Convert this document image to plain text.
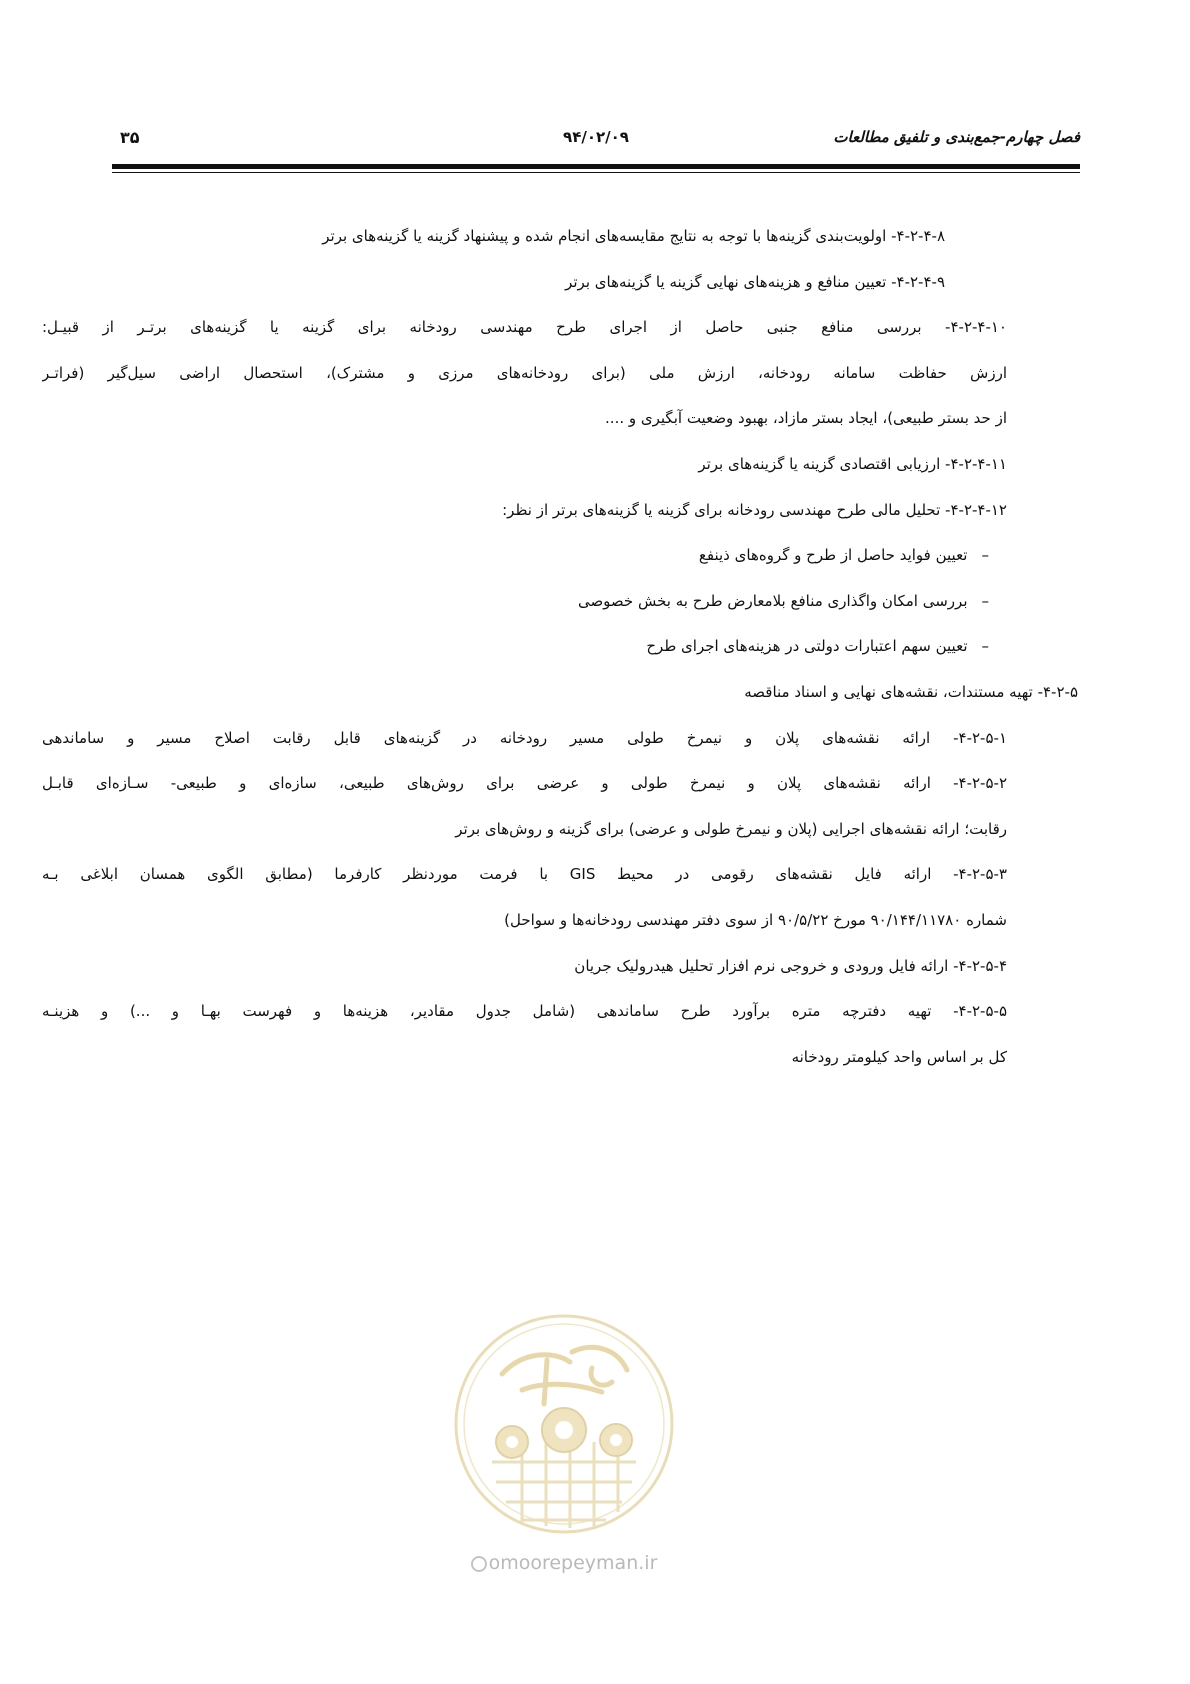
فصل چهارم-جمع‌بندی و تلفیق مطالعات
۹۴/۰۲/۰۹
۳۵
۴-۲-۴-۸- اولویت‌بندی گزینه‌ها با توجه به نتایج مقایسه‌های انجام شده و پیشنهاد گزینه یا گزینه‌های برتر
۴-۲-۴-۹- تعیین منافع و هزینه‌های نهایی گزینه یا گزینه‌های برتر
۴-۲-۴-۱۰- بررسی منافع جنبی حاصل از اجرای طرح مهندسی رودخانه برای گزینه یا گزینه‌های برتـر از قبیـل:
ارزش حفاظت سامانه رودخانه، ارزش ملی (برای رودخانه‌های مرزی و مشترک)، استحصال اراضی سیل‌گیر (فراتـر
از حد بستر طبیعی)، ایجاد بستر مازاد، بهبود وضعیت آبگیری و ....
۴-۲-۴-۱۱- ارزیابی اقتصادی گزینه یا گزینه‌های برتر
۴-۲-۴-۱۲- تحلیل مالی طرح مهندسی رودخانه برای گزینه یا گزینه‌های برتر از نظر:
–تعیین فواید حاصل از طرح و گروه‌های ذینفع
–بررسی امکان واگذاری منافع بلامعارض طرح به بخش خصوصی
–تعیین سهم اعتبارات دولتی در هزینه‌های اجرای طرح
۴-۲-۵- تهیه مستندات، نقشه‌های نهایی و اسناد مناقصه
۴-۲-۵-۱- ارائه نقشه‌های پلان و نیمرخ طولی مسیر رودخانه در گزینه‌های قابل رقابت اصلاح مسیر و ساماندهی
۴-۲-۵-۲- ارائه نقشه‌های پلان و نیمرخ طولی و عرضی برای روش‌های طبیعی، سازه‌ای و طبیعی- سـازه‌ای قابـل
رقابت؛ ارائه نقشه‌های اجرایی (پلان و نیمرخ طولی و عرضی) برای گزینه و روش‌های برتر
۴-۲-۵-۳- ارائه فایل نقشه‌های رقومی در محیط GIS با فرمت موردنظر کارفرما (مطابق الگوی همسان ابلاغی بـه
شماره ۹۰/۱۴۴/۱۱۷۸۰ مورخ ۹۰/۵/۲۲ از سوی دفتر مهندسی رودخانه‌ها و سواحل)
۴-۲-۵-۴- ارائه فایل ورودی و خروجی نرم افزار تحلیل هیدرولیک جریان
۴-۲-۵-۵- تهیه دفترچه متره برآورد طرح ساماندهی (شامل جدول مقادیر، هزینه‌ها و فهرست بهـا و ...) و هزینـه
کل بر اساس واحد کیلومتر رودخانه
omoorepeyman.ir
